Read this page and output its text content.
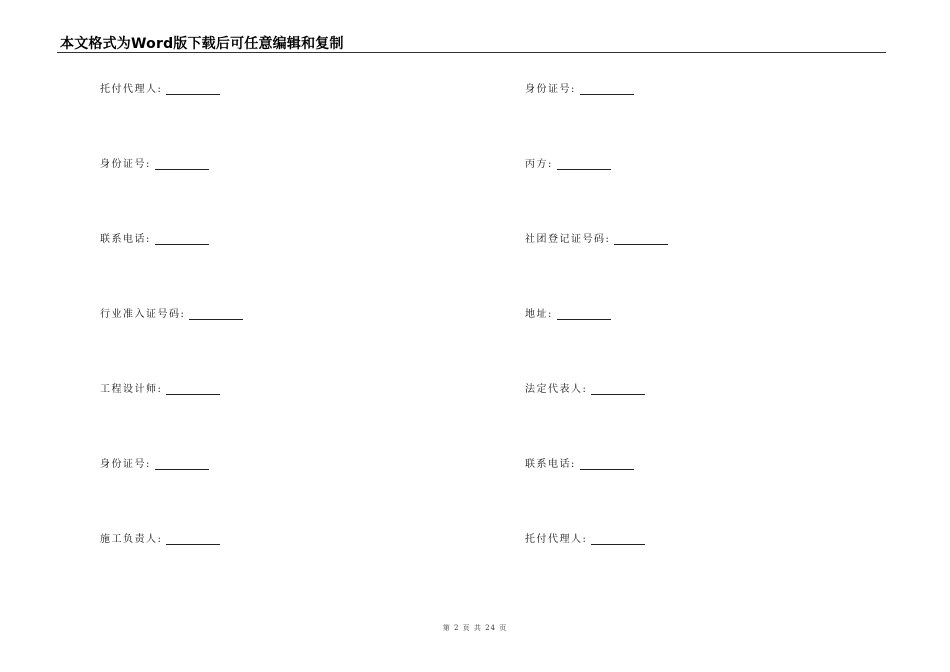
本文格式为Word版下载后可任意编辑和复制
托付代理人:
身份证号:
联系电话:
行业准入证号码:
工程设计师:
身份证号:
施工负责人:
身份证号:
丙方:
社团登记证号码:
地址:
法定代表人:
联系电话:
托付代理人:
第 2 页 共 24 页
